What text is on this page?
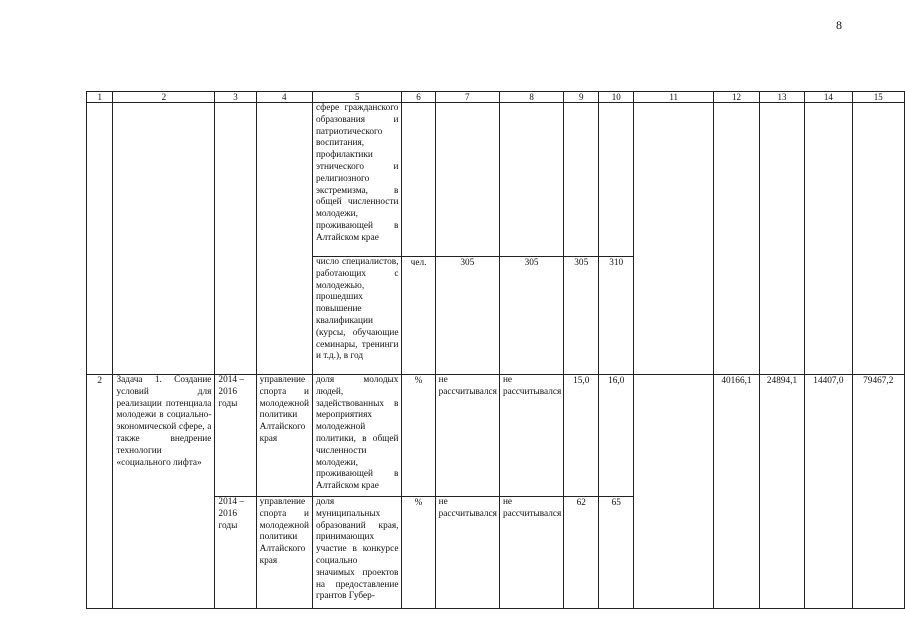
8
1	2	3	4	5	6	7	8	9	10	11	12	13	14	15
				сфере гражданского образования и патриотического воспитания, профилактики этнического и религиозного экстремизма, в общей численности молодежи, проживающей в Алтайском крае										
				число специалистов, работающих с молодежью, прошедших повышение квалификации (курсы, обучающие семинары, тренинги и т.д.), в год	чел.	305	305	305	310					
2	Задача 1. Создание условий для реализации потенциала молодежи в социально-экономической сфере, а также внедрение технологии «социального лифта»	2014 – 2016 годы	управление спорта и молодежной политики Алтайского края	доля молодых людей, задействованных в мероприятиях молодежной политики, в общей численности молодежи, проживающей в Алтайском крае	%	не рассчитывался	не рассчитывался	15,0	16,0		40166,1	24894,1	14407,0	79467,2
		2014 – 2016 годы	управление спорта и молодежной политики Алтайского края	доля муниципальных образований края, принимающих участие в конкурсе социально значимых проектов на предоставление грантов Губер-	%	не рассчитывался	не рассчитывался	62	65					
